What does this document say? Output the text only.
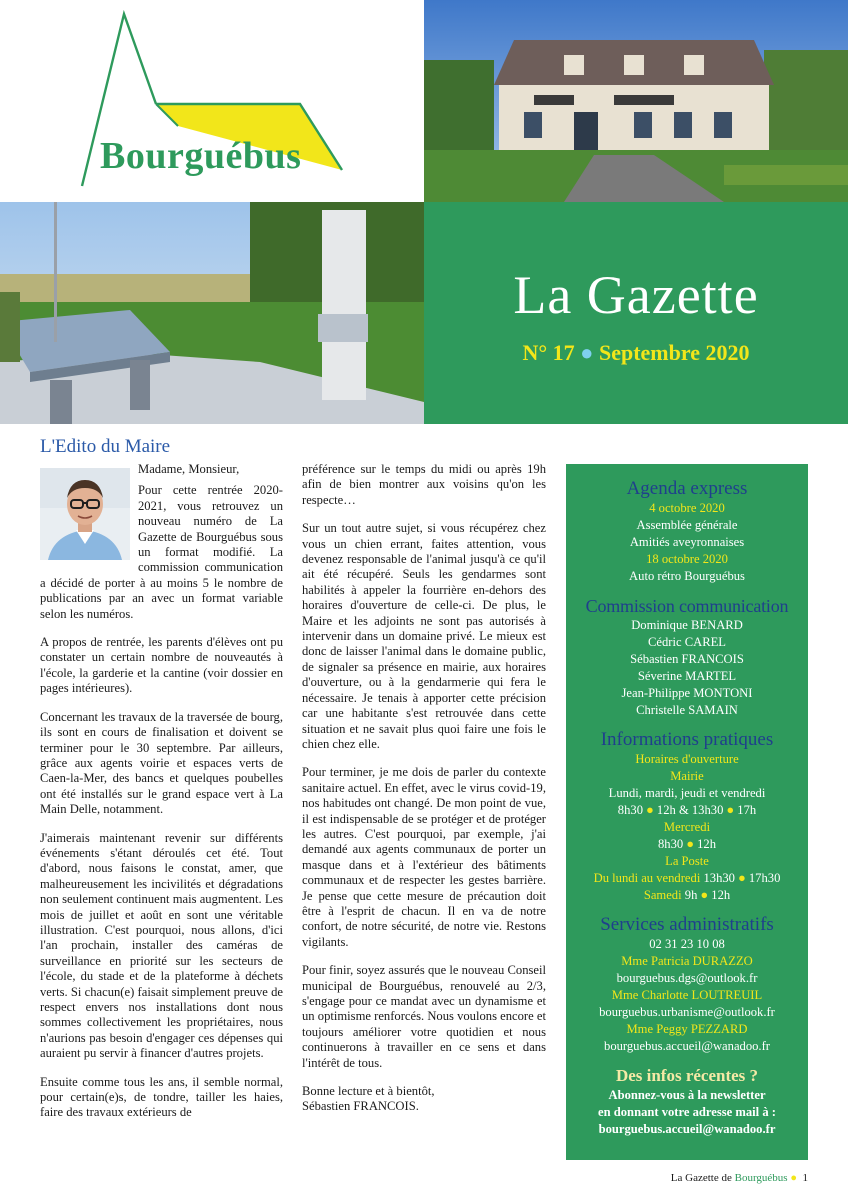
Bourguébus
La Gazette
N° 17 ● Septembre 2020
L'Edito du Maire

Madame, Monsieur,

Pour cette rentrée 2020-2021, vous retrouvez un nouveau numéro de La Gazette de Bourguébus sous un format modifié. La commission communication a décidé de porter à au moins 5 le nombre de publications par an avec un format variable selon les numéros.

A propos de rentrée, les parents d'élèves ont pu constater un certain nombre de nouveautés à l'école, la garderie et la cantine (voir dossier en pages intérieures).

Concernant les travaux de la traversée de bourg, ils sont en cours de finalisation et doivent se terminer pour le 30 septembre. Par ailleurs, grâce aux agents voirie et espaces verts de Caen-la-Mer, des bancs et quelques poubelles ont été installés sur le grand espace vert à La Main Delle, notamment.

J'aimerais maintenant revenir sur différents événements s'étant déroulés cet été. Tout d'abord, nous faisons le constat, amer, que malheureusement les incivilités et dégradations non seulement continuent mais augmentent. Les mois de juillet et août en sont une véritable illustration. C'est pourquoi, nous allons, d'ici l'an prochain, installer des caméras de surveillance en priorité sur les secteurs de l'école, du stade et de la plateforme à déchets verts. Si chacun(e) faisait simplement preuve de respect envers nos installations dont nous sommes collectivement les propriétaires, nous n'aurions pas besoin d'engager ces dépenses qui auraient pu servir à financer d'autres projets.

Ensuite comme tous les ans, il semble normal, pour certain(e)s, de tondre, tailler les haies, faire des travaux extérieurs de

préférence sur le temps du midi ou après 19h afin de bien montrer aux voisins qu'on les respecte…

Sur un tout autre sujet, si vous récupérez chez vous un chien errant, faites attention, vous devenez responsable de l'animal jusqu'à ce qu'il ait été récupéré. Seuls les gendarmes sont habilités à appeler la fourrière en-dehors des horaires d'ouverture de celle-ci. De plus, le Maire et les adjoints ne sont pas autorisés à intervenir dans un domaine privé. Le mieux est donc de laisser l'animal dans le domaine public, de signaler sa présence en mairie, aux horaires d'ouverture, ou à la gendarmerie qui fera le nécessaire. Je tenais à apporter cette précision car une habitante s'est retrouvée dans cette situation et ne savait plus quoi faire une fois le chien chez elle.

Pour terminer, je me dois de parler du contexte sanitaire actuel. En effet, avec le virus covid-19, nos habitudes ont changé. De mon point de vue, il est indispensable de se protéger et de protéger les autres. C'est pourquoi, par exemple, j'ai demandé aux agents communaux de porter un masque dans et à l'extérieur des bâtiments communaux et de respecter les gestes barrière. Je pense que cette mesure de précaution doit être à l'esprit de chacun. Il en va de notre confort, de notre sécurité, de notre vie. Restons vigilants.

Pour finir, soyez assurés que le nouveau Conseil municipal de Bourguébus, renouvelé au 2/3, s'engage pour ce mandat avec un dynamisme et un optimisme renforcés. Nous voulons encore et toujours améliorer votre quotidien et nous continuerons à travailler en ce sens et dans l'intérêt de tous.

Bonne lecture et à bientôt,

Sébastien FRANCOIS.

Agenda express
4 octobre 2020
Assemblée générale
Amitiés aveyronnaises
18 octobre 2020
Auto rétro Bourguébus
Commission communication
Dominique BENARD
Cédric CAREL
Sébastien FRANCOIS
Séverine MARTEL
Jean-Philippe MONTONI
Christelle SAMAIN
Informations pratiques
Horaires d'ouverture
Mairie
Lundi, mardi, jeudi et vendredi
8h30 ● 12h & 13h30 ● 17h
Mercredi
8h30 ● 12h
La Poste
Du lundi au vendredi 13h30 ● 17h30
Samedi 9h ● 12h
Services administratifs
02 31 23 10 08
Mme Patricia DURAZZO
bourguebus.dgs@outlook.fr
Mme Charlotte LOUTREUIL
bourguebus.urbanisme@outlook.fr
Mme Peggy PEZZARD
bourguebus.accueil@wanadoo.fr
Des infos récentes ?
Abonnez-vous à la newsletter
en donnant votre adresse mail à :
bourguebus.accueil@wanadoo.fr
La Gazette de Bourguébus ● 1
